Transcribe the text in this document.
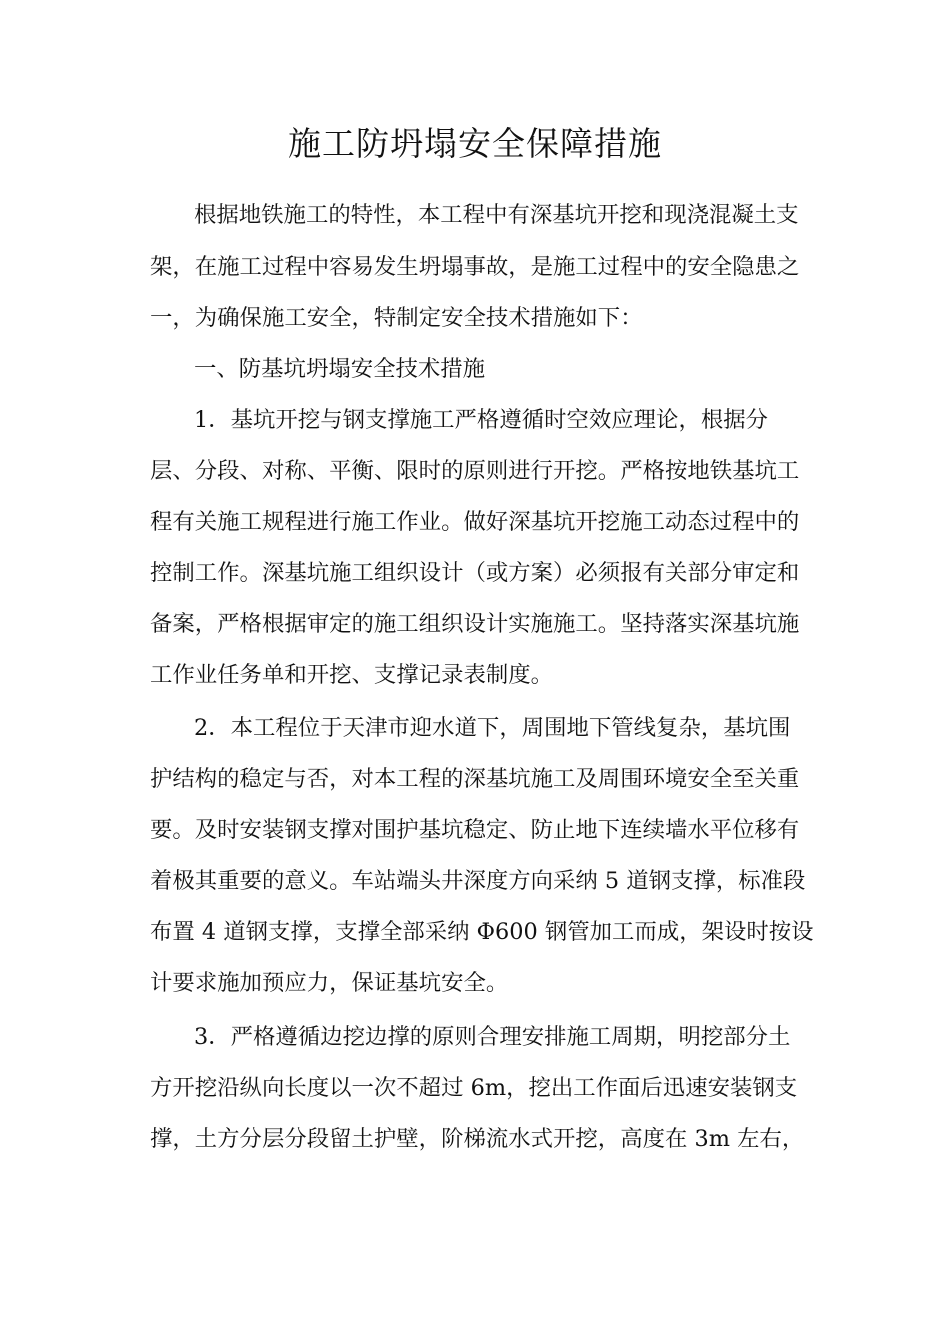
施工防坍塌安全保障措施

根据地铁施工的特性，本工程中有深基坑开挖和现浇混凝土支

架，在施工过程中容易发生坍塌事故，是施工过程中的安全隐患之

一，为确保施工安全，特制定安全技术措施如下：

一、防基坑坍塌安全技术措施

1．基坑开挖与钢支撑施工严格遵循时空效应理论，根据分

层、分段、对称、平衡、限时的原则进行开挖。严格按地铁基坑工

程有关施工规程进行施工作业。做好深基坑开挖施工动态过程中的

控制工作。深基坑施工组织设计（或方案）必须报有关部分审定和

备案，严格根据审定的施工组织设计实施施工。坚持落实深基坑施

工作业任务单和开挖、支撑记录表制度。

2．本工程位于天津市迎水道下，周围地下管线复杂，基坑围

护结构的稳定与否，对本工程的深基坑施工及周围环境安全至关重

要。及时安装钢支撑对围护基坑稳定、防止地下连续墙水平位移有

着极其重要的意义。车站端头井深度方向采纳 5 道钢支撑，标准段

布置 4 道钢支撑，支撑全部采纳 Φ600 钢管加工而成，架设时按设

计要求施加预应力，保证基坑安全。

3．严格遵循边挖边撑的原则合理安排施工周期，明挖部分土

方开挖沿纵向长度以一次不超过 6m，挖出工作面后迅速安装钢支

撑，土方分层分段留土护壁，阶梯流水式开挖，高度在 3m 左右，
